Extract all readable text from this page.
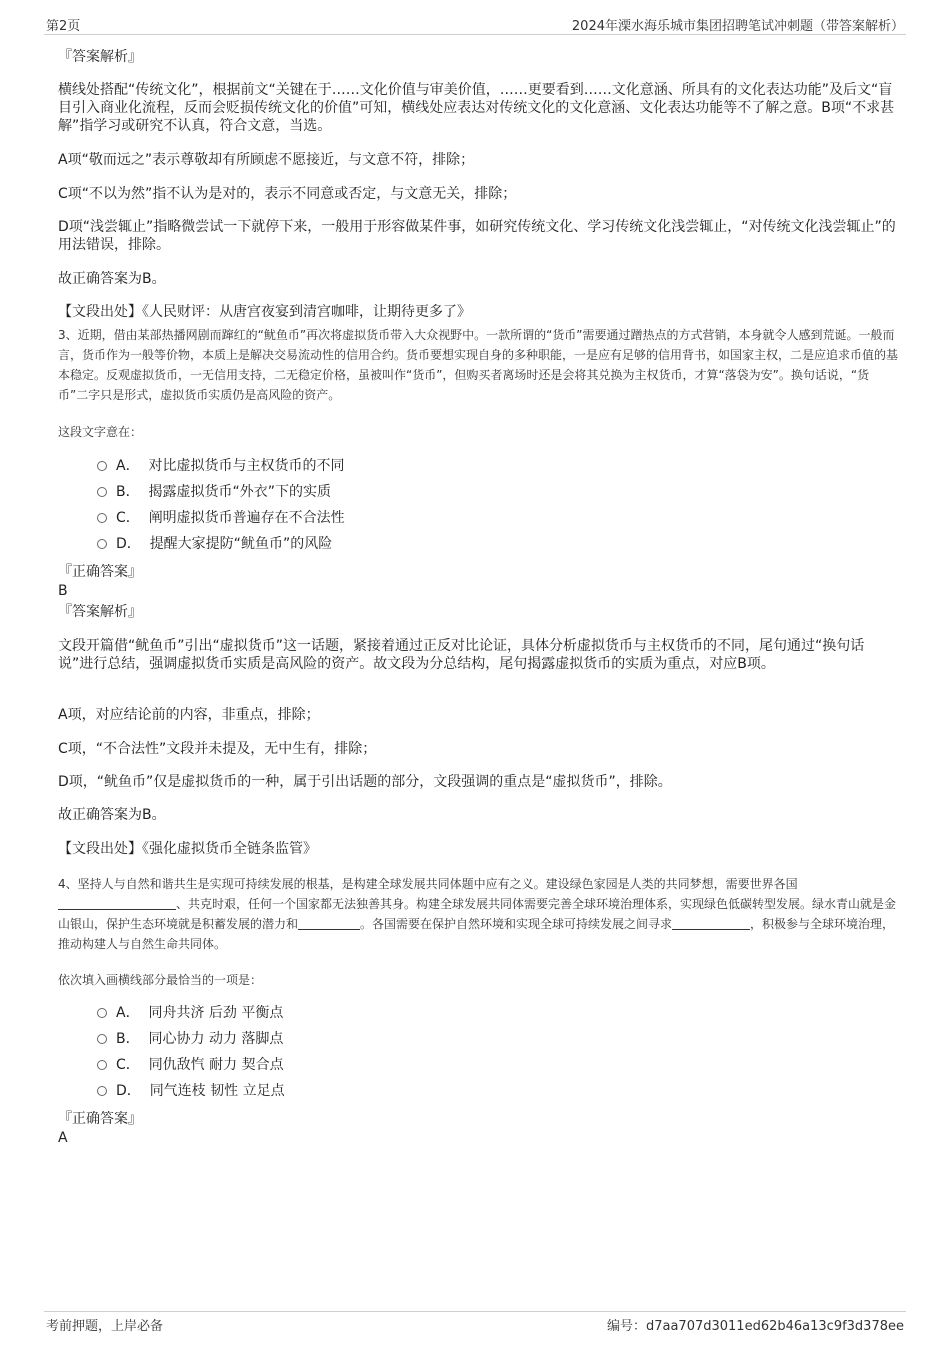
第2页	2024年溧水海乐城市集团招聘笔试冲刺题（带答案解析）
『答案解析』

横线处搭配“传统文化”，根据前文“关键在于……文化价值与审美价值，……更要看到……文化意涵、所具有的文化表达功能”及后文“盲目引入商业化流程，反而会贬损传统文化的价值”可知，横线处应表达对传统文化的文化意涵、文化表达功能等不了解之意。B项“不求甚解”指学习或研究不认真，符合文意，当选。

A项“敬而远之”表示尊敬却有所顾虑不愿接近，与文意不符，排除；

C项“不以为然”指不认为是对的，表示不同意或否定，与文意无关，排除；

D项“浅尝辄止”指略微尝试一下就停下来，一般用于形容做某件事，如研究传统文化、学习传统文化浅尝辄止，“对传统文化浅尝辄止”的用法错误，排除。

故正确答案为B。

【文段出处】《人民财评：从唐宫夜宴到清宫咖啡，让期待更多了》

3、近期，借由某部热播网剧而蹿红的“鱿鱼币”再次将虚拟货币带入大众视野中。一款所谓的“货币”需要通过蹭热点的方式营销，本身就令人感到荒诞。一般而言，货币作为一般等价物，本质上是解决交易流动性的信用合约。货币要想实现自身的多种职能，一是应有足够的信用背书，如国家主权，二是应追求币值的基本稳定。反观虚拟货币，一无信用支持，二无稳定价格，虽被叫作“货币”，但购买者离场时还是会将其兑换为主权货币，才算“落袋为安”。换句话说，“货币”二字只是形式，虚拟货币实质仍是高风险的资产。

这段文字意在：

A． 对比虚拟货币与主权货币的不同
B． 揭露虚拟货币“外衣”下的实质
C． 阐明虚拟货币普遍存在不合法性
D． 提醒大家提防“鱿鱼币”的风险
『正确答案』
B
『答案解析』

文段开篇借“鱿鱼币”引出“虚拟货币”这一话题，紧接着通过正反对比论证，具体分析虚拟货币与主权货币的不同，尾句通过“换句话说”进行总结，强调虚拟货币实质是高风险的资产。故文段为分总结构，尾句揭露虚拟货币的实质为重点，对应B项。

A项，对应结论前的内容，非重点，排除；

C项，“不合法性”文段并未提及，无中生有，排除；

D项，“鱿鱼币”仅是虚拟货币的一种，属于引出话题的部分，文段强调的重点是“虚拟货币”，排除。

故正确答案为B。

【文段出处】《强化虚拟货币全链条监管》

4、坚持人与自然和谐共生是实现可持续发展的根基，是构建全球发展共同体题中应有之义。建设绿色家园是人类的共同梦想，需要世界各国、共克时艰，任何一个国家都无法独善其身。构建全球发展共同体需要完善全球环境治理体系，实现绿色低碳转型发展。绿水青山就是金山银山，保护生态环境就是积蓄发展的潜力和	。各国需要在保护自然环境和实现全球可持续发展之间寻求	，积极参与全球环境治理，推动构建人与自然生命共同体。

依次填入画横线部分最恰当的一项是：

A． 同舟共济 后劲 平衡点
B． 同心协力 动力 落脚点
C． 同仇敌忾 耐力 契合点
D． 同气连枝 韧性 立足点
『正确答案』
A
考前押题，上岸必备	编号：d7aa707d3011ed62b46a13c9f3d378ee
